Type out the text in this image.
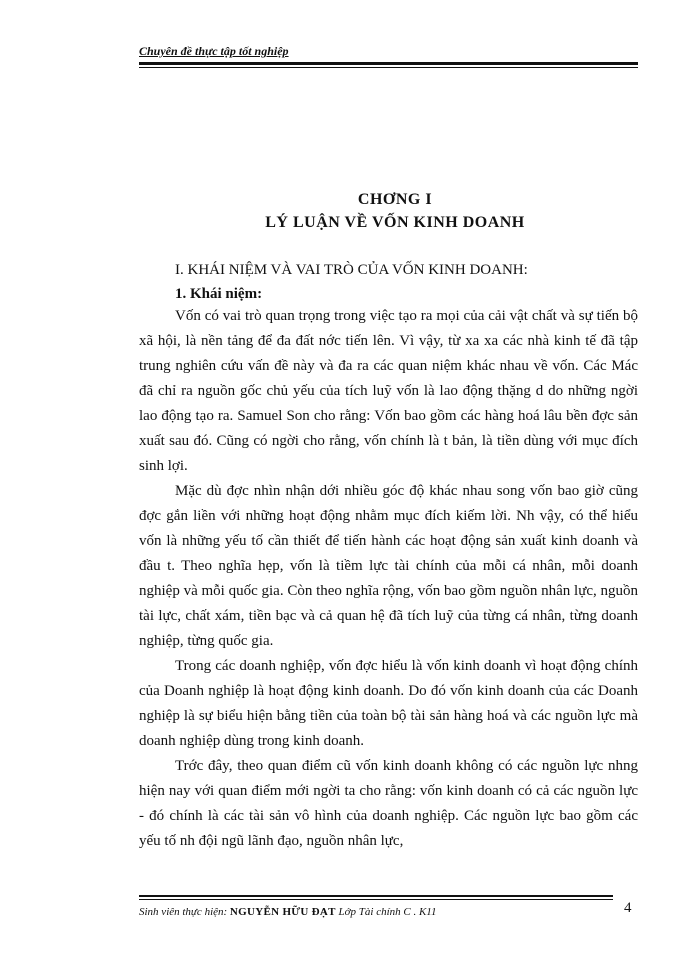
Chuyên đề thực tập tốt nghiệp
CHƠNG I
LÝ LUẬN VỀ VỐN KINH DOANH
I. KHÁI NIỆM VÀ VAI TRÒ CỦA VỐN KINH DOANH:
1. Khái niệm:

Vốn có vai trò quan trọng trong việc tạo ra mọi của cải vật chất và sự tiến bộ xã hội, là nền tảng để đa đất nớc tiến lên. Vì vậy, từ xa xa các nhà kinh tế đã tập trung nghiên cứu vấn đề này và đa ra các quan niệm khác nhau về vốn. Các Mác đã chỉ ra nguồn gốc chủ yếu của tích luỹ vốn là lao động thặng d do những ngời lao động tạo ra. Samuel Son cho rằng: Vốn bao gồm các hàng hoá lâu bền đợc sản xuất sau đó. Cũng có ngời cho rằng, vốn chính là t bản, là tiền dùng với mục đích sinh lợi.

Mặc dù đợc nhìn nhận dới nhiều góc độ khác nhau song vốn bao giờ cũng đợc gắn liền với những hoạt động nhằm mục đích kiếm lời. Nh vậy, có thể hiểu vốn là những yếu tố cần thiết để tiến hành các hoạt động sản xuất kinh doanh và đầu t. Theo nghĩa hẹp, vốn là tiềm lực tài chính của mỗi cá nhân, mỗi doanh nghiệp và mỗi quốc gia. Còn theo nghĩa rộng, vốn bao gồm nguồn nhân lực, nguồn tài lực, chất xám, tiền bạc và cả quan hệ đã tích luỹ của từng cá nhân, từng doanh nghiệp, từng quốc gia.

Trong các doanh nghiệp, vốn đợc hiểu là vốn kinh doanh vì hoạt động chính của Doanh nghiệp là hoạt động kinh doanh. Do đó vốn kinh doanh của các Doanh nghiệp là sự biểu hiện bằng tiền của toàn bộ tài sản hàng hoá và các nguồn lực mà doanh nghiệp dùng trong kinh doanh.

Trớc đây, theo quan điểm cũ vốn kinh doanh không có các nguồn lực nhng hiện nay với quan điểm mới ngời ta cho rằng: vốn kinh doanh có cả các nguồn lực - đó chính là các tài sản vô hình của doanh nghiệp. Các nguồn lực bao gồm các yếu tố nh đội ngũ lãnh đạo, nguồn nhân lực,

Sinh viên thực hiện: NGUYỄN HỮU ĐẠT Lớp Tài chính C . K11	4
